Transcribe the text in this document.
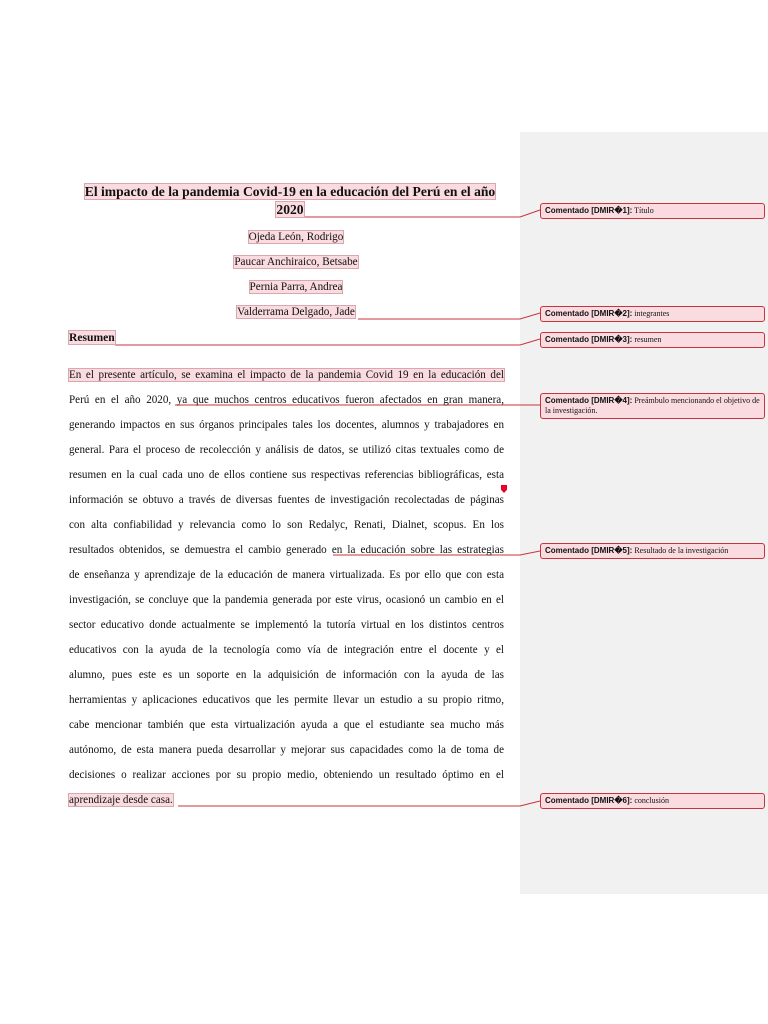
El impacto de la pandemia Covid-19 en la educación del Perú en el año
2020
Ojeda León, Rodrigo
Paucar Anchiraico, Betsabe
Pernia Parra, Andrea
Valderrama Delgado, Jade
Resumen
En el presente artículo, se examina el impacto de la pandemia Covid 19 en la educación del
Perú en el año 2020, ya que muchos centros educativos fueron afectados en gran manera,
generando impactos en sus órganos principales tales los docentes, alumnos y trabajadores en
general. Para el proceso de recolección y análisis de datos, se utilizó citas textuales como de
resumen en la cual cada uno de ellos contiene sus respectivas referencias bibliográficas, esta
información se obtuvo a través de diversas fuentes de investigación recolectadas de páginas
con alta confiabilidad y relevancia como lo son Redalyc, Renati, Dialnet, scopus. En los
resultados obtenidos, se demuestra el cambio generado en la educación sobre las estrategias
de enseñanza y aprendizaje de la educación de manera virtualizada. Es por ello que con esta
investigación, se concluye que la pandemia generada por este virus, ocasionó un cambio en el
sector educativo donde actualmente se implementó la tutoría virtual en los distintos centros
educativos con la ayuda de la tecnología como vía de integración entre el docente y el
alumno, pues este es un soporte en la adquisición de información con la ayuda de las
herramientas y aplicaciones educativos que les permite llevar un estudio a su propio ritmo,
cabe mencionar también que esta virtualización ayuda a que el estudiante sea mucho más
autónomo, de esta manera pueda desarrollar y mejorar sus capacidades como la de toma de
decisiones o realizar acciones por su propio medio, obteniendo un resultado óptimo en el
aprendizaje desde casa.
Comentado [DMIR�1]: Título
Comentado [DMIR�2]: integrantes
Comentado [DMIR�3]: resumen
Comentado [DMIR�4]: Preámbulo mencionando el objetivo de la investigación.
Comentado [DMIR�5]: Resultado de la investigación
Comentado [DMIR�6]: conclusión
